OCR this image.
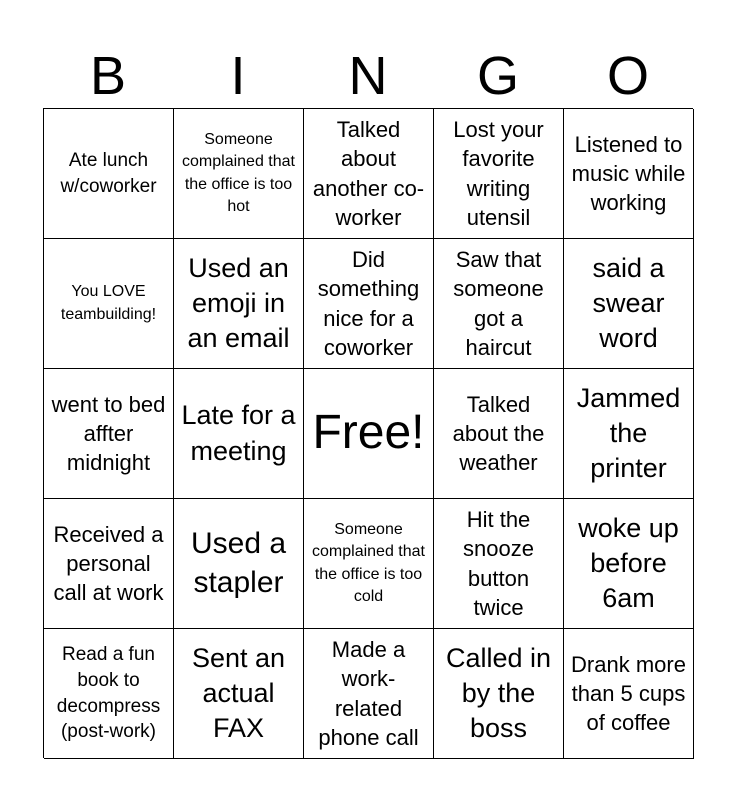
B	I	N	G	O
Ate lunch w/coworker
Someone complained that the office is too hot
Talked about another co-worker
Lost your favorite writing utensil
Listened to music while working
You LOVE teambuilding!
Used an emoji in an email
Did something nice for a coworker
Saw that someone got a haircut
said a swear word
went to bed affter midnight
Late for a meeting Free!
Talked about the weather
Jammed the printer
Received a personal call at work
Used a stapler
Someone complained that the office is too cold
Hit the snooze button twice
woke up before 6am
Read a fun book to decompress (post-work)
Sent an actual FAX
Made a work-related phone call
Called in by the boss
Drank more than 5 cups of coffee
